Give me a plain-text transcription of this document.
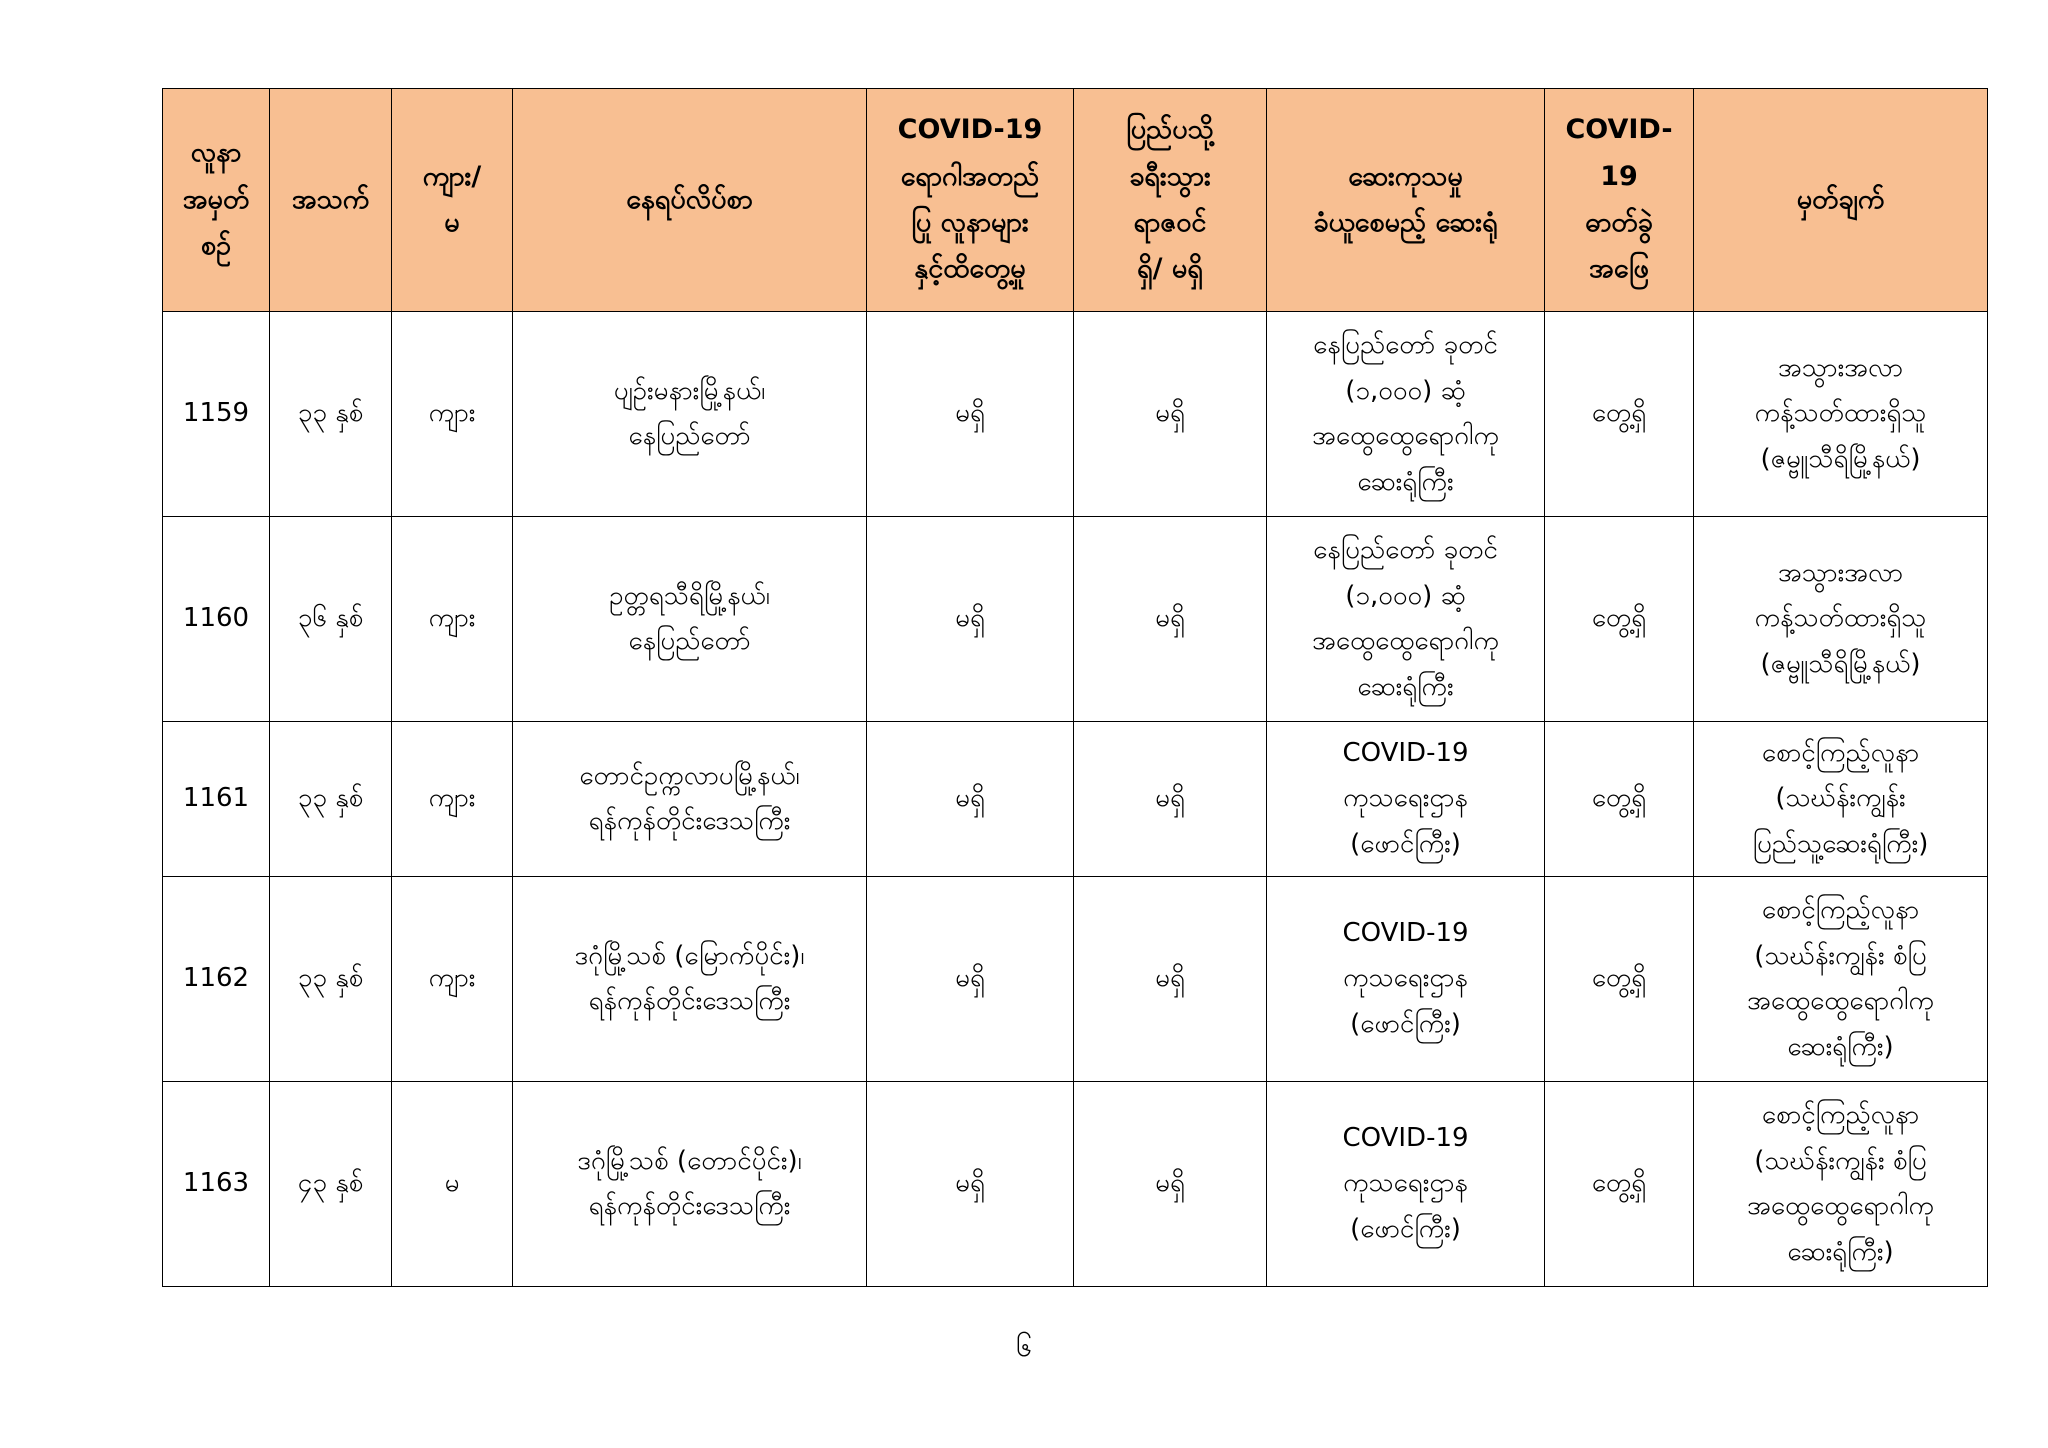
လူနာ
အမှတ်
စဉ်	အသက်	ကျား/
မ	နေရပ်လိပ်စာ	COVID-19
ရောဂါအတည်
ပြု လူနာများ
နှင့်ထိတွေ့မှု	ပြည်ပသို့
ခရီးသွား
ရာဇဝင်
ရှိ/ မရှိ	ဆေးကုသမှု
ခံယူစေမည့် ဆေးရုံ	COVID-
19
ဓာတ်ခွဲ
အဖြေ	မှတ်ချက်

1159	၃၃ နှစ်	ကျား	ပျဉ်းမနားမြို့နယ်၊
နေပြည်တော်	မရှိ	မရှိ	နေပြည်တော် ခုတင်
(၁,၀၀၀) ဆံ့
အထွေထွေရောဂါကု
ဆေးရုံကြီး	တွေ့ရှိ	အသွားအလာ
ကန့်သတ်ထားရှိသူ
(ဇမ္ဗူသီရိမြို့နယ်)

1160	၃၆ နှစ်	ကျား	ဥတ္တရသီရိမြို့နယ်၊
နေပြည်တော်	မရှိ	မရှိ	နေပြည်တော် ခုတင်
(၁,၀၀၀) ဆံ့
အထွေထွေရောဂါကု
ဆေးရုံကြီး	တွေ့ရှိ	အသွားအလာ
ကန့်သတ်ထားရှိသူ
(ဇမ္ဗူသီရိမြို့နယ်)

1161	၃၃ နှစ်	ကျား	တောင်ဥက္ကလာပမြို့နယ်၊
ရန်ကုန်တိုင်းဒေသကြီး	မရှိ	မရှိ	COVID-19
ကုသရေးဌာန
(ဖောင်ကြီး)	တွေ့ရှိ	စောင့်ကြည့်လူနာ
(သဃ်န်းကျွန်း
ပြည်သူ့ဆေးရုံကြီး)

1162	၃၃ နှစ်	ကျား	ဒဂုံမြို့သစ် (မြောက်ပိုင်း)၊
ရန်ကုန်တိုင်းဒေသကြီး	မရှိ	မရှိ	COVID-19
ကုသရေးဌာန
(ဖောင်ကြီး)	တွေ့ရှိ	စောင့်ကြည့်လူနာ
(သဃ်န်းကျွန်း စံပြ
အထွေထွေရောဂါကု
ဆေးရုံကြီး)

1163	၄၃ နှစ်	မ	ဒဂုံမြို့သစ် (တောင်ပိုင်း)၊
ရန်ကုန်တိုင်းဒေသကြီး	မရှိ	မရှိ	COVID-19
ကုသရေးဌာန
(ဖောင်ကြီး)	တွေ့ရှိ	စောင့်ကြည့်လူနာ
(သဃ်န်းကျွန်း စံပြ
အထွေထွေရောဂါကု
ဆေးရုံကြီး)
၆
